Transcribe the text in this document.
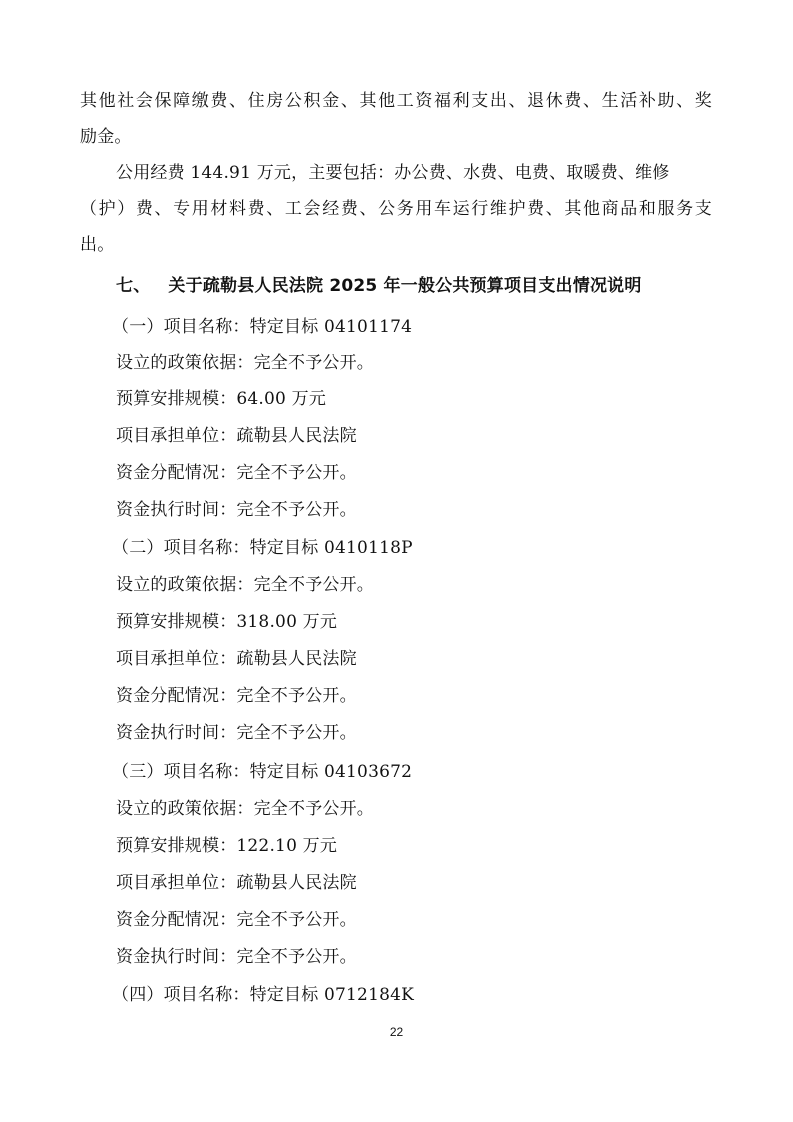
其他社会保障缴费、住房公积金、其他工资福利支出、退休费、生活补助、奖
励金。
公用经费 144.91 万元，主要包括：办公费、水费、电费、取暖费、维修
（护）费、专用材料费、工会经费、公务用车运行维护费、其他商品和服务支
出。
七、 关于疏勒县人民法院 2025 年一般公共预算项目支出情况说明
（一）项目名称：特定目标 04101174
设立的政策依据：完全不予公开。
预算安排规模：64.00 万元
项目承担单位：疏勒县人民法院
资金分配情况：完全不予公开。
资金执行时间：完全不予公开。
（二）项目名称：特定目标 0410118P
设立的政策依据：完全不予公开。
预算安排规模：318.00 万元
项目承担单位：疏勒县人民法院
资金分配情况：完全不予公开。
资金执行时间：完全不予公开。
（三）项目名称：特定目标 04103672
设立的政策依据：完全不予公开。
预算安排规模：122.10 万元
项目承担单位：疏勒县人民法院
资金分配情况：完全不予公开。
资金执行时间：完全不予公开。
（四）项目名称：特定目标 0712184K
22
